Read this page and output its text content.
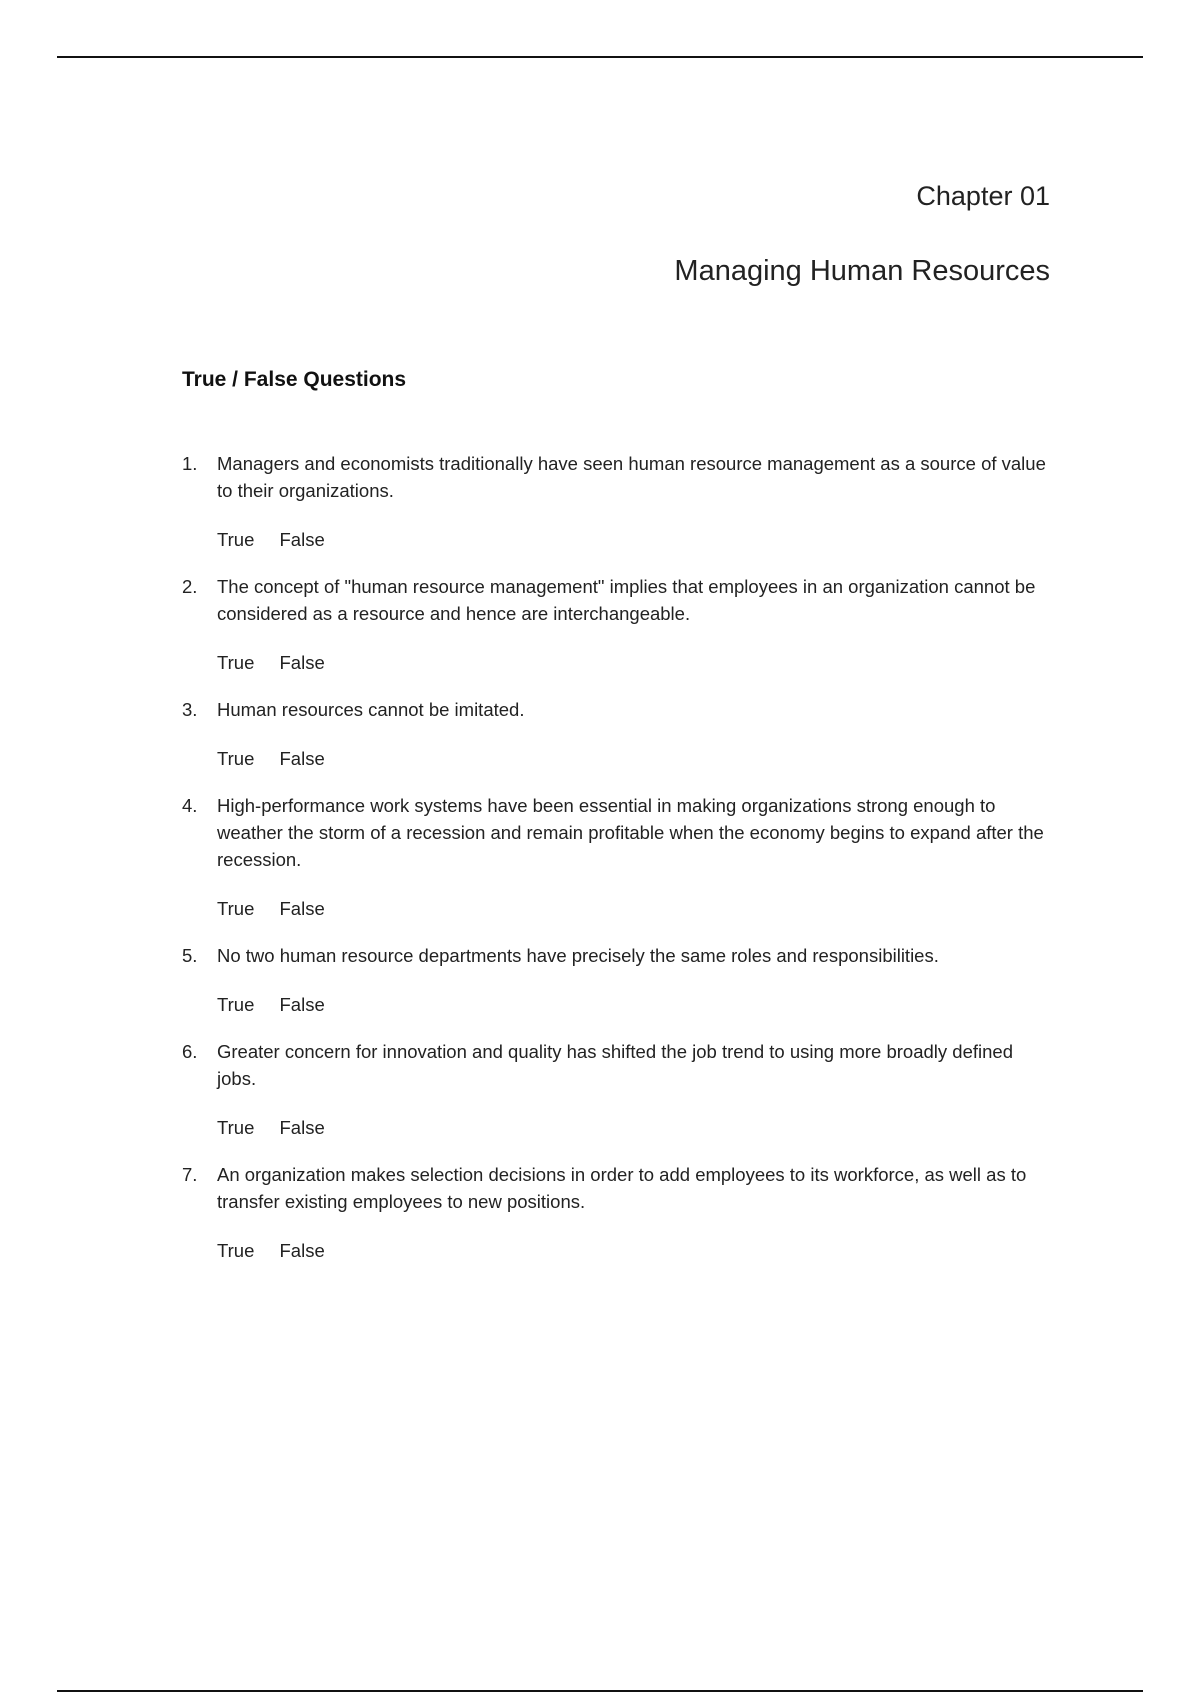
Chapter 01
Managing Human Resources
True / False Questions
1. Managers and economists traditionally have seen human resource management as a source of value to their organizations.
True False
2. The concept of "human resource management" implies that employees in an organization cannot be considered as a resource and hence are interchangeable.
True False
3. Human resources cannot be imitated.
True False
4. High-performance work systems have been essential in making organizations strong enough to weather the storm of a recession and remain profitable when the economy begins to expand after the recession.
True False
5. No two human resource departments have precisely the same roles and responsibilities.
True False
6. Greater concern for innovation and quality has shifted the job trend to using more broadly defined jobs.
True False
7. An organization makes selection decisions in order to add employees to its workforce, as well as to transfer existing employees to new positions.
True False
